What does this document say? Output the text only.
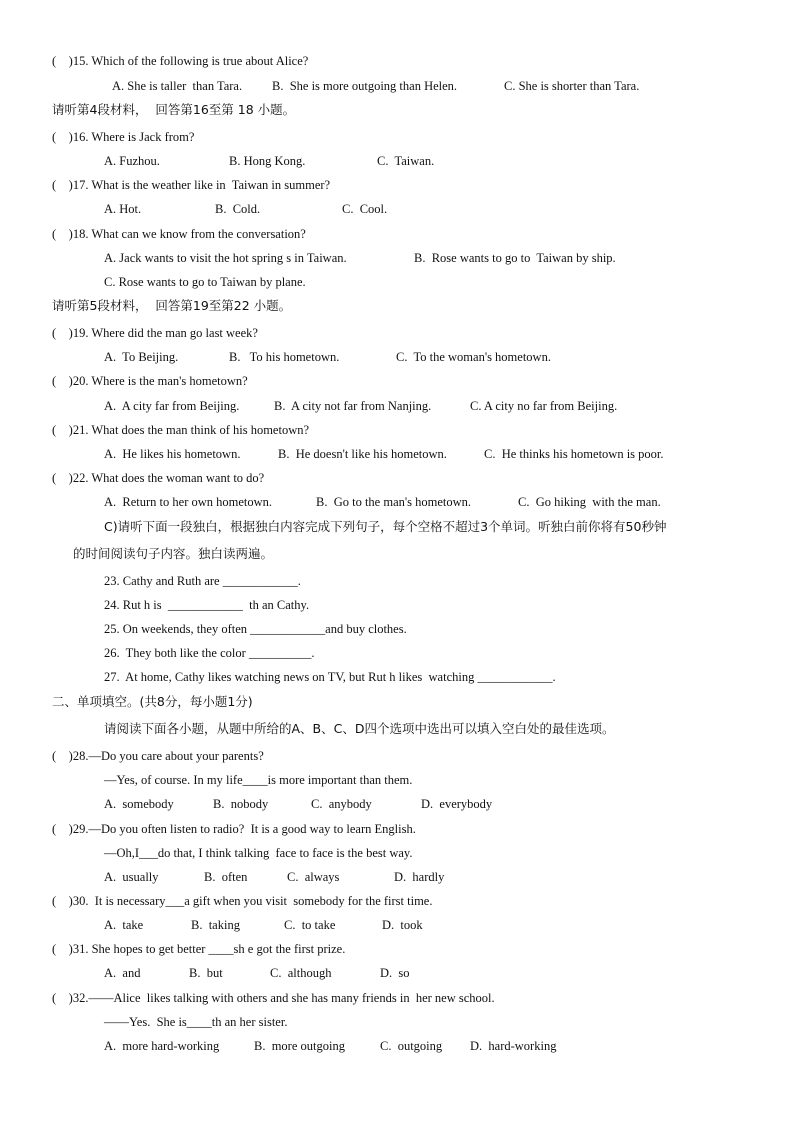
(    )15. Which of the following is true about Alice?

A. She is taller  than Tara.

B.  She is more outgoing than Helen.

	C. She is shorter than Tara.

请听第4段材料，  回答第16至第 18 小题。
(    )16. Where is Jack from?

A. Fuzhou.

	B. Hong Kong.

	C.  Taiwan.

(    )17. What is the weather like in  Taiwan in summer?

A. Hot.

	B.  Cold.

	C.  Cool.

(    )18. What can we know from the conversation?

A. Jack wants to visit the hot spring s in Taiwan.

	B.  Rose wants to go to  Taiwan by ship.

C. Rose wants to go to Taiwan by plane.

请听第5段材料，  回答第19至第22 小题。
(    )19. Where did the man go last week?

A.  To Beijing.

	B.   To his hometown.

	C.  To the woman's hometown.

(    )20. Where is the man's hometown?

A.  A city far from Beijing.

	B.  A city not far from Nanjing.

	C. A city no far from Beijing.

(    )21. What does the man think of his hometown?

A.  He likes his hometown.

	B.  He doesn't like his hometown.

	C.  He thinks his hometown is poor.

(    )22. What does the woman want to do?

A.  Return to her own hometown.

	B.  Go to the man's hometown.

	C.  Go hiking  with the man.

C)请听下面一段独白，根据独白内容完成下列句子，每个空格不超过3个单词。听独白前你将有50秒钟
的时间阅读句子内容。独白读两遍。
23. Cathy and Ruth are ____________.
24. Rut h is  ____________  th an Cathy.
25. On weekends, they often ____________and buy clothes.
26.  They both like the color __________.
27.  At home, Cathy likes watching news on TV, but Rut h likes  watching ____________.
二、单项填空。(共8分，每小题1分)
请阅读下面各小题，从题中所给的A、B、C、D四个选项中选出可以填入空白处的最佳选项。
(    )28.—Do you care about your parents?
—Yes, of course. In my life____is more important than them.

A.  somebody

	B.  nobody

	C.  anybody

	D.  everybody

(    )29.—Do you often listen to radio?  It is a good way to learn English.
—Oh,I___do that, I think talking  face to face is the best way.

A.  usually

	B.  often

	C.  always

	D.  hardly

(    )30.  It is necessary___a gift when you visit  somebody for the first time.

A.  take

	B.  taking

	C.  to take

	D.  took

(    )31. She hopes to get better ____sh e got the first prize.

A.  and

	B.  but

	C.  although

	D.  so

(    )32.——Alice  likes talking with others and she has many friends in  her new school.
——Yes.  She is____th an her sister.

A.  more hard-working

	B.  more outgoing

	C.  outgoing

D.  hard-working
